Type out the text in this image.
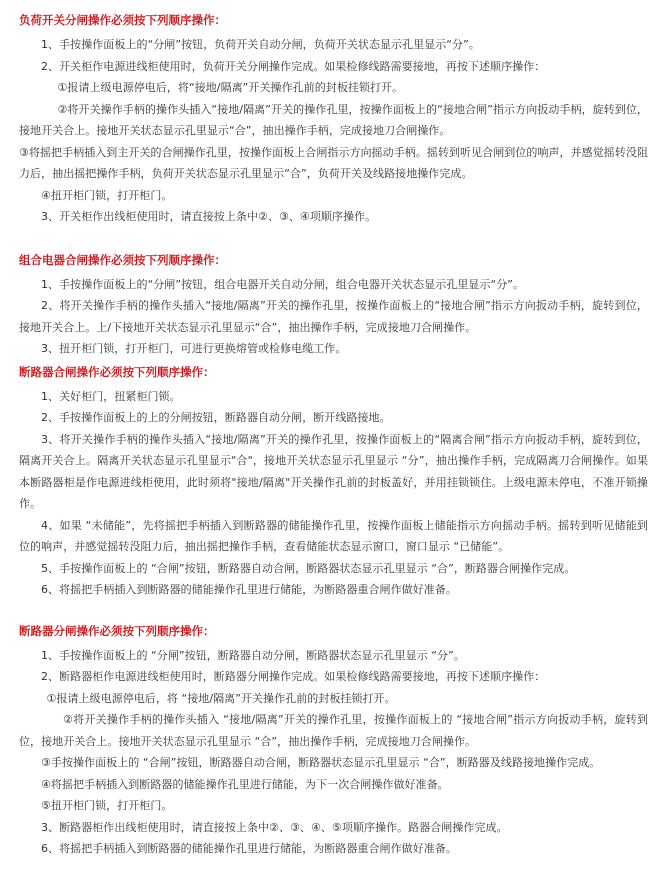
负荷开关分闸操作必须按下列顺序操作：

1、手按操作面板上的“分闸”按钮，负荷开关自动分闸，负荷开关状态显示孔里显示“分”。

2、开关柜作电源进线柜使用时，负荷开关分闸操作完成。如果检修线路需要接地，再按下述顺序操作：

①报请上级电源停电后，将“接地/隔离”开关操作孔前的封板挂锁打开。

②将开关操作手柄的操作头插入“接地/隔离”开关的操作孔里，按操作面板上的“接地合闸”指示方向扳动手柄，旋转到位，接地开关合上。接地开关状态显示孔里显示“合”，抽出操作手柄，完成接地刀合闸操作。

③将摇把手柄插入到主开关的合闸操作孔里，按操作面板上合闸指示方向摇动手柄。摇转到听见合闸到位的响声，并感觉摇转没阻力后，抽出摇把操作手柄，负荷开关状态显示孔里显示“合”，负荷开关及线路接地操作完成。

④扭开柜门锁，打开柜门。

3、开关柜作出线柜使用时，请直接按上条中②、③、④项顺序操作。

组合电器合闸操作必须按下列顺序操作：

1、手按操作面板上的“分闸”按钮，组合电器开关自动分闸，组合电器开关状态显示孔里显示“分”。

2、将开关操作手柄的操作头插入“接地/隔离”开关的操作孔里，按操作面板上的“接地合闸”指示方向扳动手柄，旋转到位，接地开关合上。上/下接地开关状态显示孔里显示“合”，抽出操作手柄，完成接地刀合闸操作。

3、扭开柜门锁，打开柜门，可进行更换熔管或检修电缆工作。

断路器合闸操作必须按下列顺序操作：

1、关好柜门，扭紧柜门锁。

2、手按操作面板上的上的分闸按钮，断路器自动分闸，断开线路接地。

3、将开关操作手柄的操作头插入“接地/隔离”开关的操作孔里，按操作面板上的“隔离合闸”指示方向扳动手柄，旋转到位，隔离开关合上。隔离开关状态显示孔里显示"合"，接地开关状态显示孔里显示 “分”，抽出操作手柄，完成隔离刀合闸操作。如果本断路器柜是作电源进线柜使用，此时须将"接地/隔离"开关操作孔前的封板盖好，并用挂锁锁住。上级电源未停电，不准开锁操作。

4、如果 “未储能”，先将摇把手柄插入到断路器的储能操作孔里，按操作面板上储能指示方向摇动手柄。摇转到听见储能到位的响声，并感觉摇转没阻力后，抽出摇把操作手柄，查看储能状态显示窗口，窗口显示 “已储能”。

5、手按操作面板上的 “合闸”按钮，断路器自动合闸，断路器状态显示孔里显示 “合”，断路器合闸操作完成。

6、将摇把手柄插入到断路器的储能操作孔里进行储能，为断路器重合闸作做好准备。

断路器分闸操作必须按下列顺序操作：

1、手按操作面板上的 “分闸”按钮，断路器自动分闸，断路器状态显示孔里显示 “分”。

2、断路器柜作电源进线柜使用时，断路器分闸操作完成。如果检修线路需要接地，再按下述顺序操作：

①报请上级电源停电后，将 “接地/隔离”开关操作孔前的封板挂锁打开。

②将开关操作手柄的操作头插入 “接地/隔离”开关的操作孔里，按操作面板上的 “接地合闸”指示方向扳动手柄，旋转到位，接地开关合上。接地开关状态显示孔里显示 “合”，抽出操作手柄，完成接地刀合闸操作。

③手按操作面板上的 “合闸”按钮，断路器自动合闸，断路器状态显示孔里显示 “合”，断路器及线路接地操作完成。

④将摇把手柄插入到断路器的储能操作孔里进行储能，为下一次合闸操作做好准备。

⑤扭开柜门锁，打开柜门。

3、断路器柜作出线柜使用时，请直接按上条中②、③、④、⑤项顺序操作。路器合闸操作完成。

6、将摇把手柄插入到断路器的储能操作孔里进行储能，为断路器重合闸作做好准备。
